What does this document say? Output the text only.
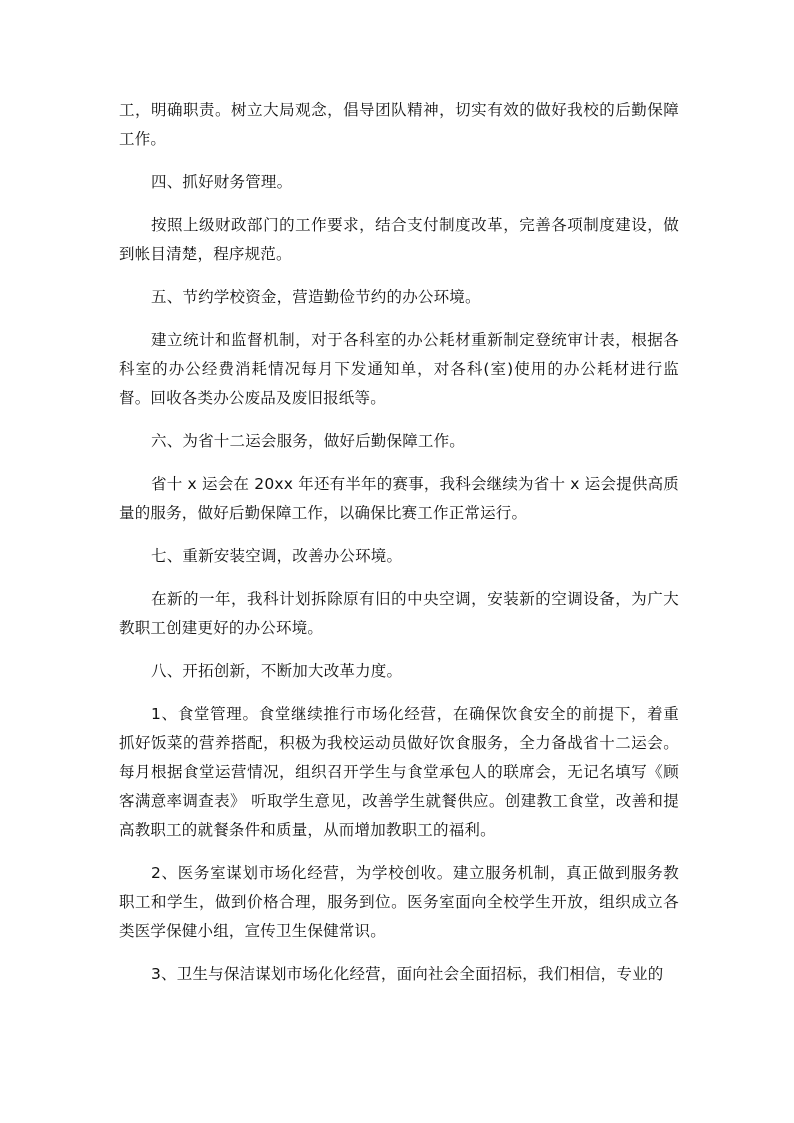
工，明确职责。树立大局观念，倡导团队精神，切实有效的做好我校的后勤保障工作。

四、抓好财务管理。

按照上级财政部门的工作要求，结合支付制度改革，完善各项制度建设，做到帐目清楚，程序规范。

五、节约学校资金，营造勤俭节约的办公环境。

建立统计和监督机制，对于各科室的办公耗材重新制定登统审计表，根据各科室的办公经费消耗情况每月下发通知单，对各科(室)使用的办公耗材进行监督。回收各类办公废品及废旧报纸等。

六、为省十二运会服务，做好后勤保障工作。

省十 x 运会在 20xx 年还有半年的赛事，我科会继续为省十 x 运会提供高质量的服务，做好后勤保障工作，以确保比赛工作正常运行。

七、重新安装空调，改善办公环境。

在新的一年，我科计划拆除原有旧的中央空调，安装新的空调设备，为广大教职工创建更好的办公环境。

八、开拓创新，不断加大改革力度。

1、食堂管理。食堂继续推行市场化经营，在确保饮食安全的前提下，着重抓好饭菜的营养搭配，积极为我校运动员做好饮食服务，全力备战省十二运会。每月根据食堂运营情况，组织召开学生与食堂承包人的联席会，无记名填写《顾客满意率调查表》 听取学生意见，改善学生就餐供应。创建教工食堂，改善和提高教职工的就餐条件和质量，从而增加教职工的福利。

2、医务室谋划市场化经营，为学校创收。建立服务机制，真正做到服务教职工和学生，做到价格合理，服务到位。医务室面向全校学生开放，组织成立各类医学保健小组，宣传卫生保健常识。

3、卫生与保洁谋划市场化化经营，面向社会全面招标，我们相信，专业的
